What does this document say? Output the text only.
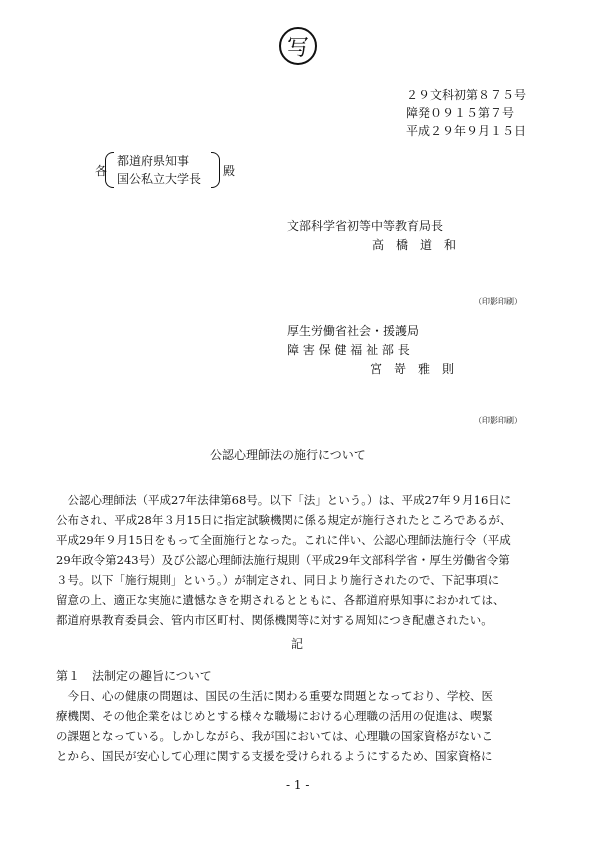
写
２９文科初第８７５号
障発０９１５第７号
平成２９年９月１５日
各
都道府県知事
国公私立大学長
殿
文部科学省初等中等教育局長
高　橋　道　和
（印影印刷）
厚生労働省社会・援護局
障 害 保 健 福 祉 部 長
宮　嵜　雅　則
（印影印刷）
公認心理師法の施行について

公認心理師法（平成27年法律第68号。以下「法」という。）は、平成27年９月16日に

公布され、平成28年３月15日に指定試験機関に係る規定が施行されたところであるが、

平成29年９月15日をもって全面施行となった。これに伴い、公認心理師法施行令（平成

29年政令第243号）及び公認心理師法施行規則（平成29年文部科学省・厚生労働省令第

３号。以下「施行規則」という。）が制定され、同日より施行されたので、下記事項に

留意の上、適正な実施に遺憾なきを期されるとともに、各都道府県知事におかれては、

都道府県教育委員会、管内市区町村、関係機関等に対する周知につき配慮されたい。

記
第１　法制定の趣旨について

今日、心の健康の問題は、国民の生活に関わる重要な問題となっており、学校、医

療機関、その他企業をはじめとする様々な職場における心理職の活用の促進は、喫緊

の課題となっている。しかしながら、我が国においては、心理職の国家資格がないこ

とから、国民が安心して心理に関する支援を受けられるようにするため、国家資格に

- 1 -
